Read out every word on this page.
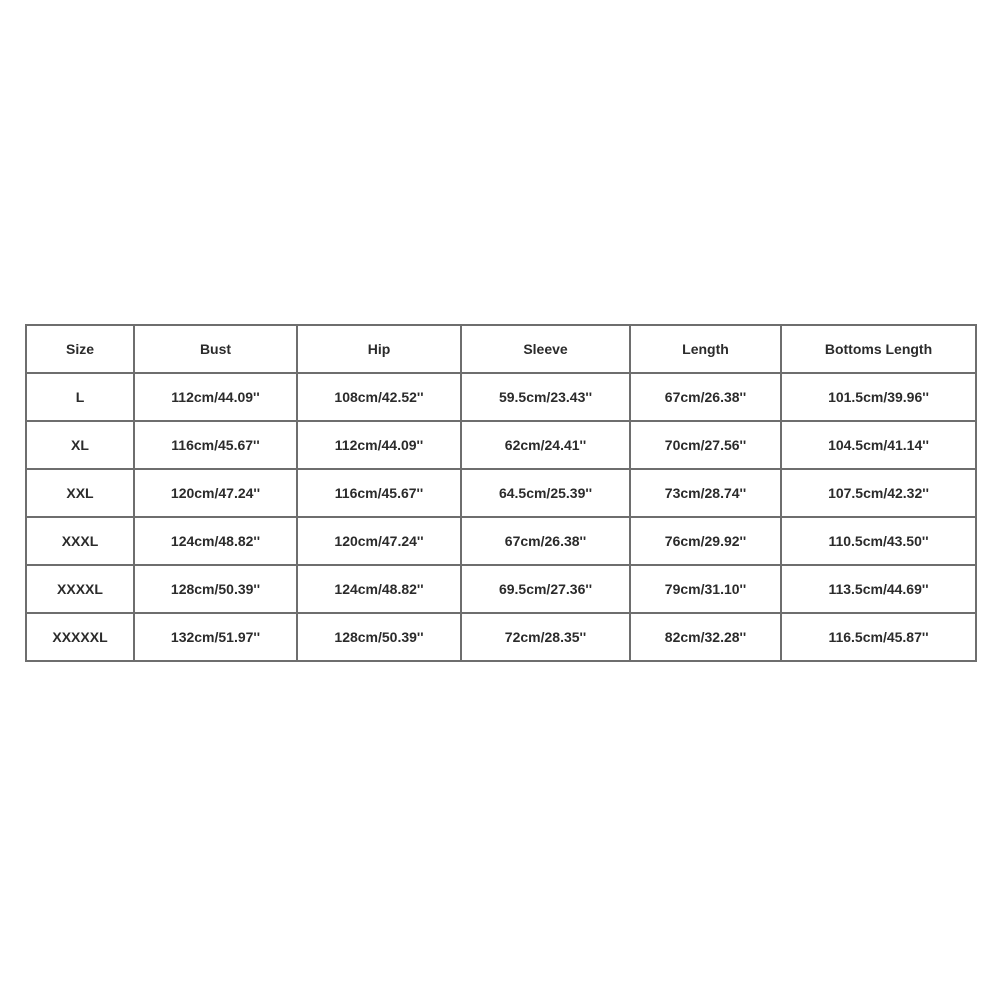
Size	Bust	Hip	Sleeve	Length	Bottoms Length
L	112cm/44.09''	108cm/42.52''	59.5cm/23.43''	67cm/26.38''	101.5cm/39.96''
XL	116cm/45.67''	112cm/44.09''	62cm/24.41''	70cm/27.56''	104.5cm/41.14''
XXL	120cm/47.24''	116cm/45.67''	64.5cm/25.39''	73cm/28.74''	107.5cm/42.32''
XXXL	124cm/48.82''	120cm/47.24''	67cm/26.38''	76cm/29.92''	110.5cm/43.50''
XXXXL	128cm/50.39''	124cm/48.82''	69.5cm/27.36''	79cm/31.10''	113.5cm/44.69''
XXXXXL	132cm/51.97''	128cm/50.39''	72cm/28.35''	82cm/32.28''	116.5cm/45.87''
